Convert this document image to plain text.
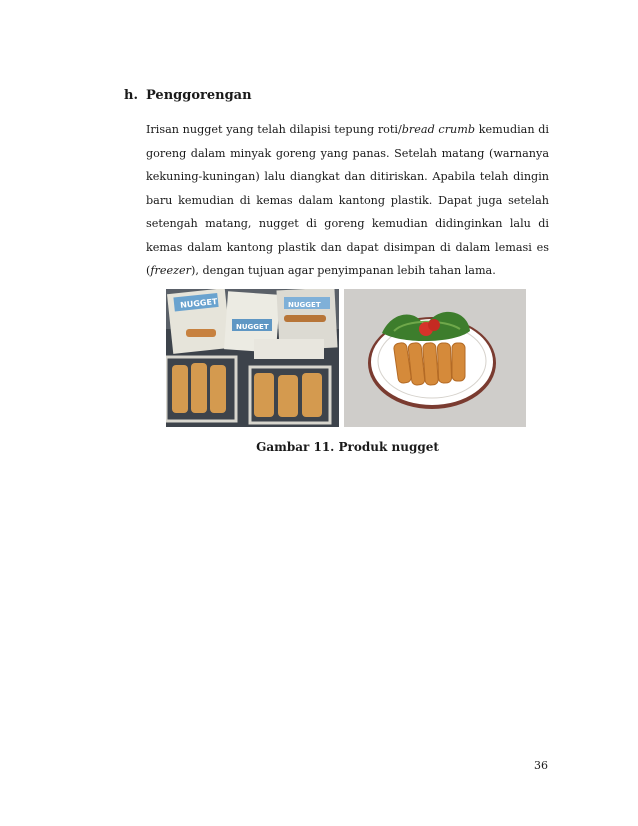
h. Penggorengan
Irisan nugget yang telah dilapisi tepung roti/bread crumb kemudian di goreng dalam minyak goreng yang panas. Setelah matang (warnanya kekuning-kuningan) lalu diangkat dan ditiriskan. Apabila telah dingin baru kemudian di kemas dalam kantong plastik. Dapat juga setelah setengah matang, nugget di goreng kemudian didinginkan lalu di kemas dalam kantong plastik dan dapat disimpan di dalam lemasi es (freezer), dengan tujuan agar penyimpanan lebih tahan lama.
NUGGET
NUGGET
NUGGET
Gambar 11. Produk nugget
36
